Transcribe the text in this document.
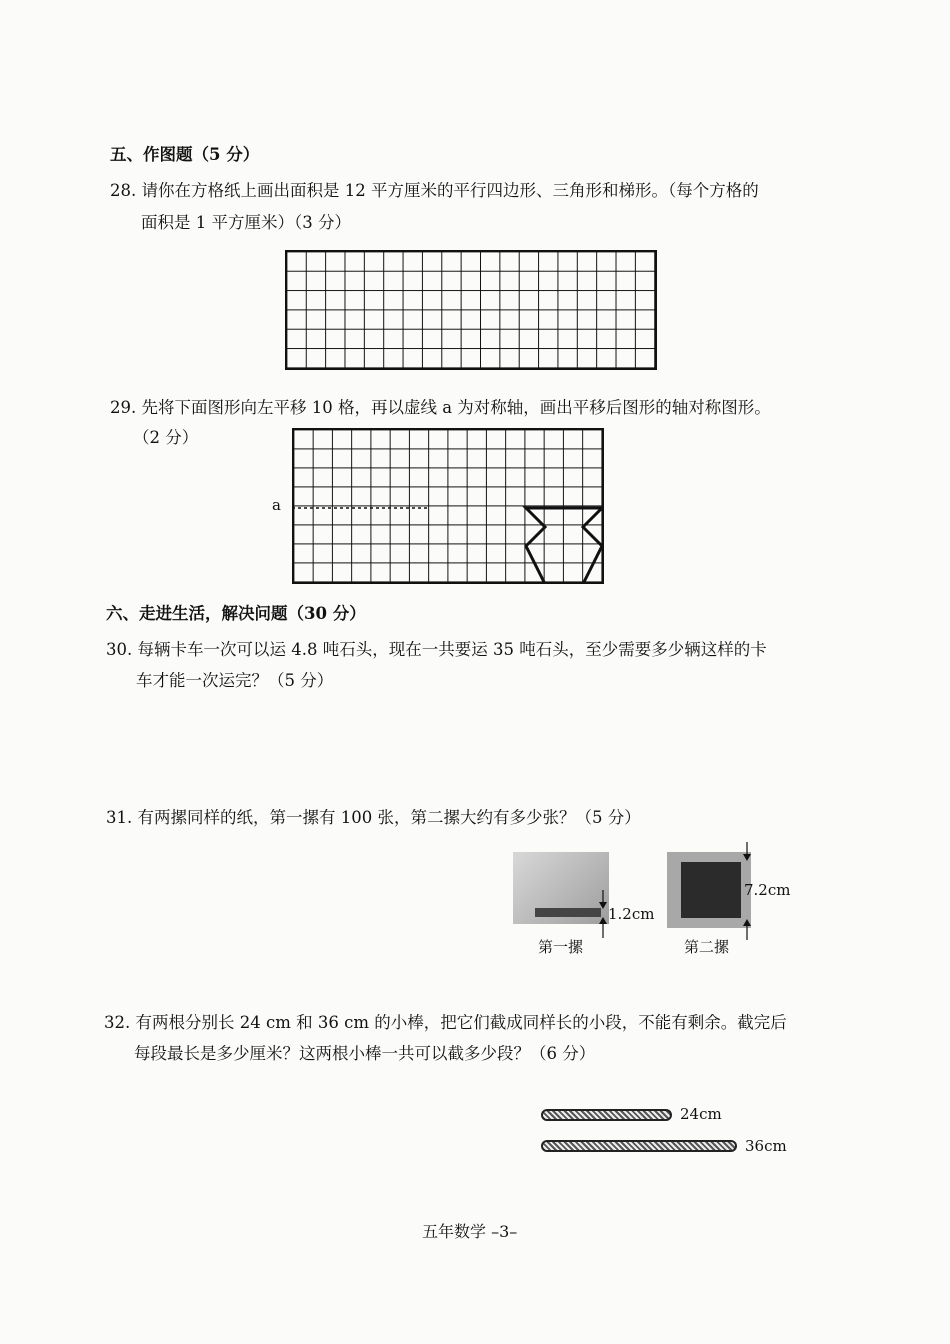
五、作图题（5 分）
28. 请你在方格纸上画出面积是 12 平方厘米的平行四边形、三角形和梯形。（每个方格的
面积是 1 平方厘米）（3 分）
29. 先将下面图形向左平移 10 格，再以虚线 a 为对称轴，画出平移后图形的轴对称图形。
（2 分）
a
六、走进生活，解决问题（30 分）
30. 每辆卡车一次可以运 4.8 吨石头，现在一共要运 35 吨石头，至少需要多少辆这样的卡
车才能一次运完？（5 分）
31. 有两摞同样的纸，第一摞有 100 张，第二摞大约有多少张？（5 分）
1.2cm
第一摞
7.2cm
第二摞
32. 有两根分别长 24 cm 和 36 cm 的小棒，把它们截成同样长的小段，不能有剩余。截完后
每段最长是多少厘米？这两根小棒一共可以截多少段？（6 分）
24cm
36cm
五年数学 –3–
